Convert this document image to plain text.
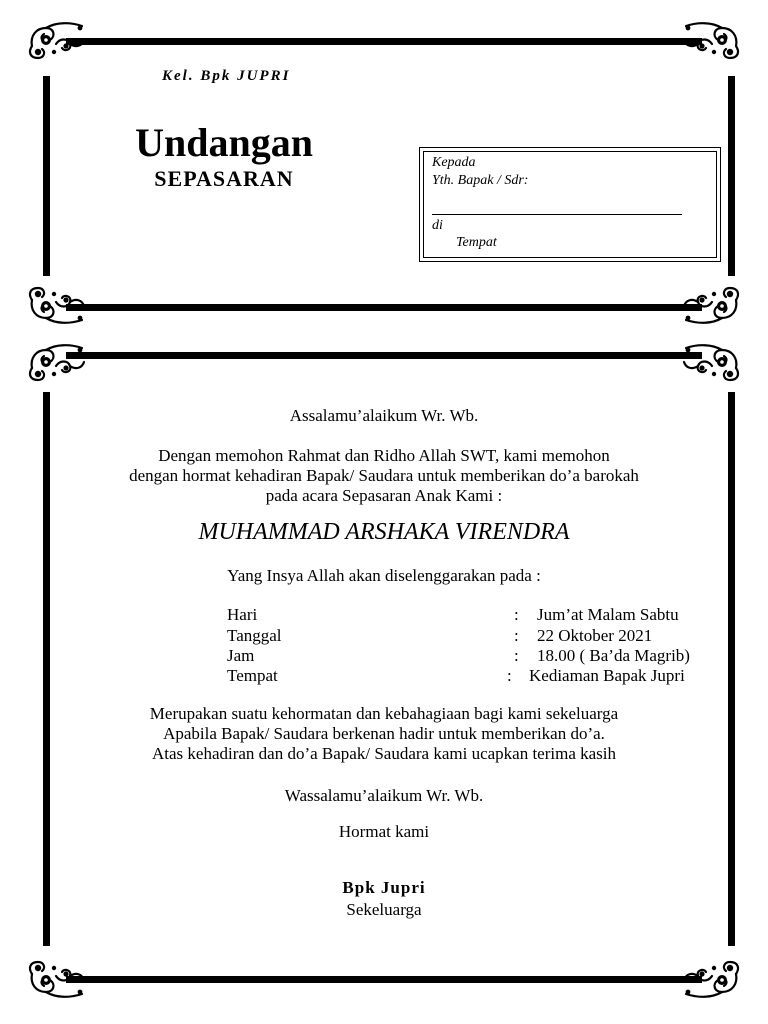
Kel. Bpk JUPRI
Undangan
SEPASARAN
Kepada
Yth. Bapak / Sdr:
di
Tempat
Assalamu’alaikum Wr. Wb.
Dengan memohon Rahmat dan Ridho Allah SWT, kami memohon
dengan hormat kehadiran Bapak/ Saudara untuk memberikan do’a barokah
pada acara Sepasaran Anak Kami :
MUHAMMAD ARSHAKA VIRENDRA
Yang Insya Allah akan diselenggarakan pada :
Hari	: Jum’at Malam Sabtu
Tanggal	: 22 Oktober 2021
Jam	: 18.00 ( Ba’da Magrib)
Tempat	: Kediaman Bapak Jupri
Merupakan suatu kehormatan dan kebahagiaan bagi kami sekeluarga
Apabila Bapak/ Saudara berkenan hadir untuk memberikan do’a.
Atas kehadiran dan do’a Bapak/ Saudara kami ucapkan terima kasih
Wassalamu’alaikum Wr. Wb.
Hormat kami
Bpk Jupri
Sekeluarga
